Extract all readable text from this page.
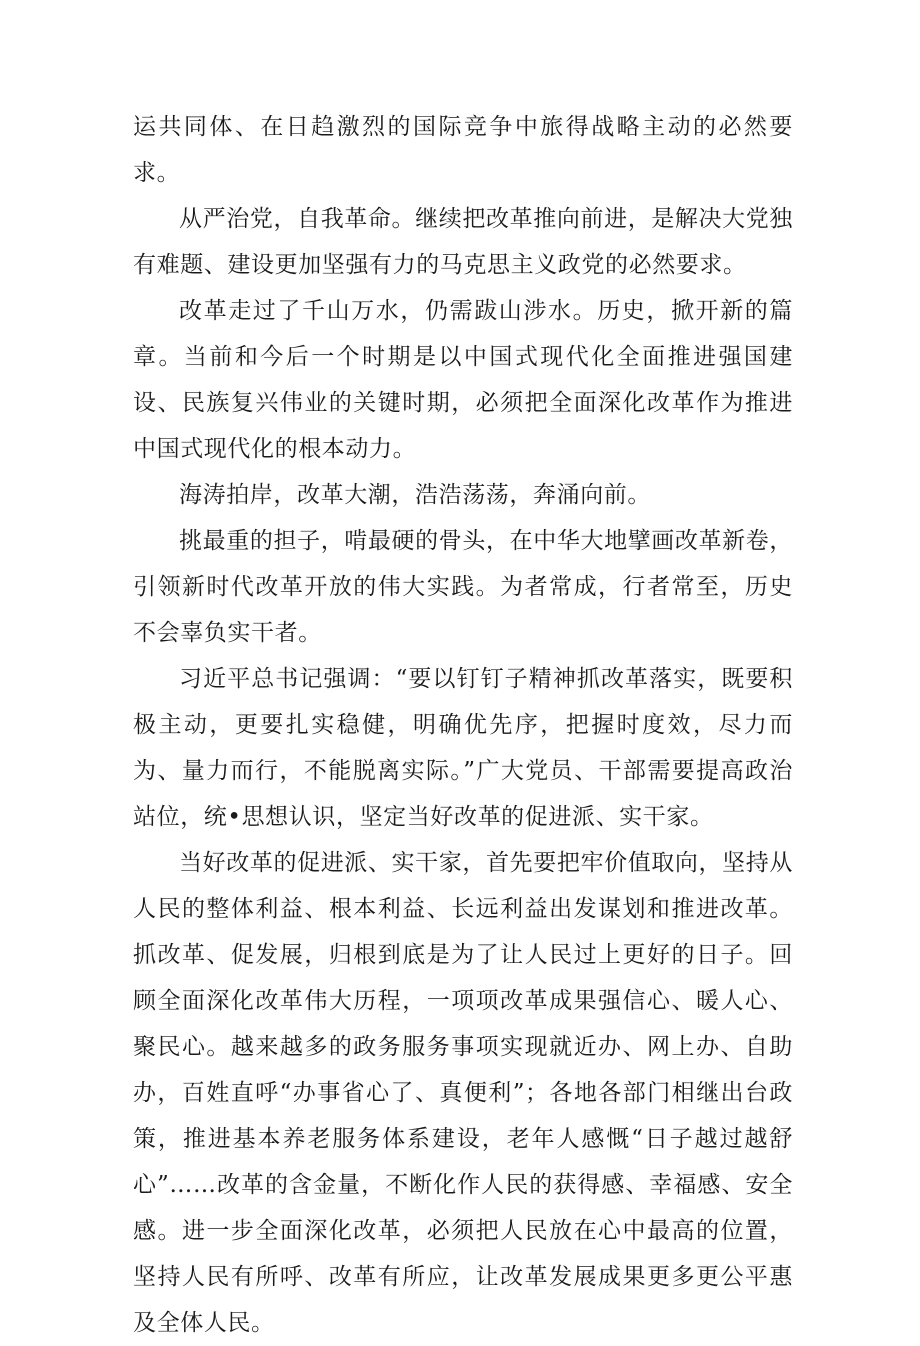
运共同体、在日趋激烈的国际竞争中旅得战略主动的必然要求。

从严治党，自我革命。继续把改革推向前进，是解决大党独有难题、建设更加坚强有力的马克思主义政党的必然要求。

改革走过了千山万水，仍需跋山涉水。历史，掀开新的篇章。当前和今后一个时期是以中国式现代化全面推进强国建设、民族复兴伟业的关键时期，必须把全面深化改革作为推进中国式现代化的根本动力。

海涛拍岸，改革大潮，浩浩荡荡，奔涌向前。

挑最重的担子，啃最硬的骨头，在中华大地擘画改革新卷，引领新时代改革开放的伟大实践。为者常成，行者常至，历史不会辜负实干者。

习近平总书记强调：“要以钉钉子精神抓改革落实，既要积极主动，更要扎实稳健，明确优先序，把握时度效，尽力而为、量力而行，不能脱离实际。”广大党员、干部需要提高政治站位，统•思想认识，坚定当好改革的促进派、实干家。

当好改革的促进派、实干家，首先要把牢价值取向，坚持从人民的整体利益、根本利益、长远利益出发谋划和推进改革。抓改革、促发展，归根到底是为了让人民过上更好的日子。回顾全面深化改革伟大历程，一项项改革成果强信心、暖人心、聚民心。越来越多的政务服务事项实现就近办、网上办、自助办，百姓直呼“办事省心了、真便利”；各地各部门相继出台政策，推进基本养老服务体系建设，老年人感慨“日子越过越舒心”……改革的含金量，不断化作人民的获得感、幸福感、安全感。进一步全面深化改革，必须把人民放在心中最高的位置，坚持人民有所呼、改革有所应，让改革发展成果更多更公平惠及全体人民。
